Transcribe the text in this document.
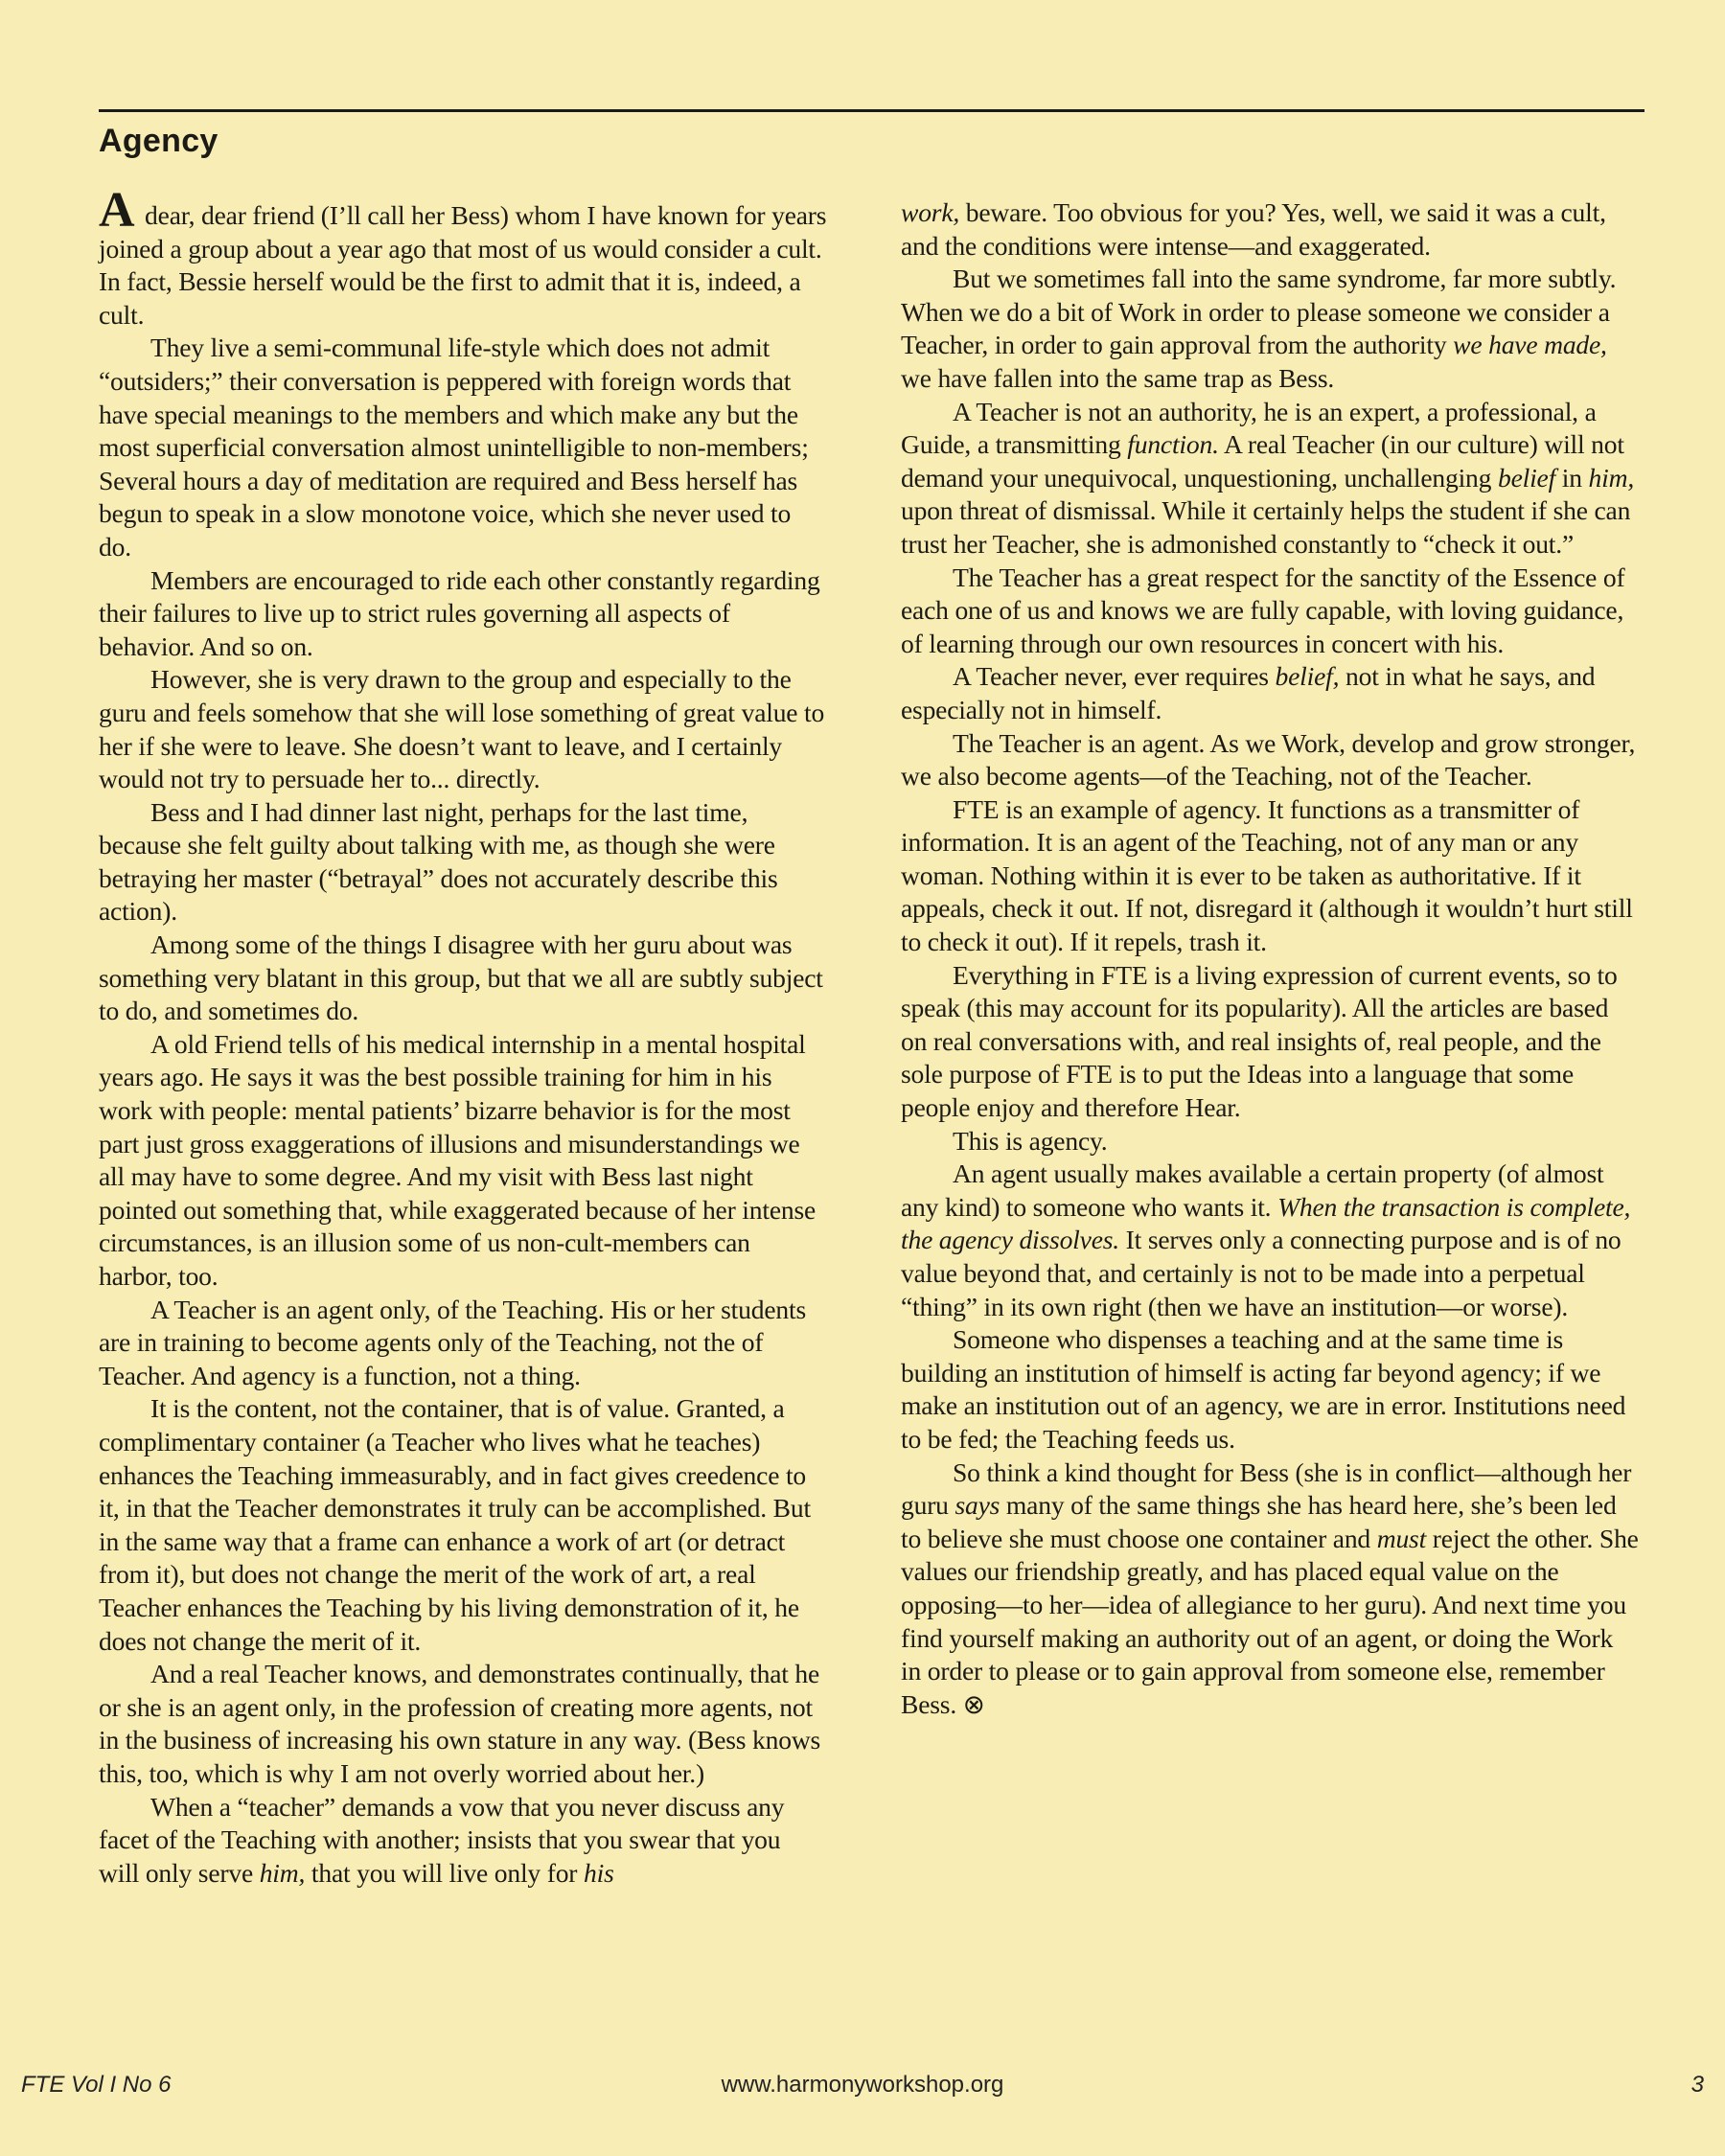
Agency

A dear, dear friend (I’ll call her Bess) whom I have known for years joined a group about a year ago that most of us would consider a cult. In fact, Bessie herself would be the first to admit that it is, indeed, a cult.

They live a semi-communal life-style which does not admit “outsiders;” their conversation is peppered with foreign words that have special meanings to the members and which make any but the most superficial conversation almost unintelligible to non-members; Several hours a day of meditation are required and Bess herself has begun to speak in a slow monotone voice, which she never used to do.

Members are encouraged to ride each other constantly regarding their failures to live up to strict rules governing all aspects of behavior. And so on.

However, she is very drawn to the group and especially to the guru and feels somehow that she will lose something of great value to her if she were to leave. She doesn’t want to leave, and I certainly would not try to persuade her to... directly.

Bess and I had dinner last night, perhaps for the last time, because she felt guilty about talking with me, as though she were betraying her master (“betrayal” does not accurately describe this action).

Among some of the things I disagree with her guru about was something very blatant in this group, but that we all are subtly subject to do, and sometimes do.

A old Friend tells of his medical internship in a mental hospital years ago. He says it was the best possible training for him in his work with people: mental patients’ bizarre behavior is for the most part just gross exaggerations of illusions and misunderstandings we all may have to some degree. And my visit with Bess last night pointed out something that, while exaggerated because of her intense circumstances, is an illusion some of us non-cult-members can harbor, too.

A Teacher is an agent only, of the Teaching. His or her students are in training to become agents only of the Teaching, not the of Teacher. And agency is a function, not a thing.

It is the content, not the container, that is of value. Granted, a complimentary container (a Teacher who lives what he teaches) enhances the Teaching immeasurably, and in fact gives creedence to it, in that the Teacher demonstrates it truly can be accomplished. But in the same way that a frame can enhance a work of art (or detract from it), but does not change the merit of the work of art, a real Teacher enhances the Teaching by his living demonstration of it, he does not change the merit of it.

And a real Teacher knows, and demonstrates continually, that he or she is an agent only, in the profession of creating more agents, not in the business of increasing his own stature in any way. (Bess knows this, too, which is why I am not overly worried about her.)

When a “teacher” demands a vow that you never discuss any facet of the Teaching with another; insists that you swear that you will only serve him, that you will live only for his

work, beware. Too obvious for you? Yes, well, we said it was a cult, and the conditions were intense—and exaggerated.

But we sometimes fall into the same syndrome, far more subtly. When we do a bit of Work in order to please someone we consider a Teacher, in order to gain approval from the authority we have made, we have fallen into the same trap as Bess.

A Teacher is not an authority, he is an expert, a professional, a Guide, a transmitting function. A real Teacher (in our culture) will not demand your unequivocal, unquestioning, unchallenging belief in him, upon threat of dismissal. While it certainly helps the student if she can trust her Teacher, she is admonished constantly to “check it out.”

The Teacher has a great respect for the sanctity of the Essence of each one of us and knows we are fully capable, with loving guidance, of learning through our own resources in concert with his.

A Teacher never, ever requires belief, not in what he says, and especially not in himself.

The Teacher is an agent. As we Work, develop and grow stronger, we also become agents—of the Teaching, not of the Teacher.

FTE is an example of agency. It functions as a transmitter of information. It is an agent of the Teaching, not of any man or any woman. Nothing within it is ever to be taken as authoritative. If it appeals, check it out. If not, disregard it (although it wouldn’t hurt still to check it out). If it repels, trash it.

Everything in FTE is a living expression of current events, so to speak (this may account for its popularity). All the articles are based on real conversations with, and real insights of, real people, and the sole purpose of FTE is to put the Ideas into a language that some people enjoy and therefore Hear.

This is agency.

An agent usually makes available a certain property (of almost any kind) to someone who wants it. When the transaction is complete, the agency dissolves. It serves only a connecting purpose and is of no value beyond that, and certainly is not to be made into a perpetual “thing” in its own right (then we have an institution—or worse).

Someone who dispenses a teaching and at the same time is building an institution of himself is acting far beyond agency; if we make an institution out of an agency, we are in error. Institutions need to be fed; the Teaching feeds us.

So think a kind thought for Bess (she is in conflict—although her guru says many of the same things she has heard here, she’s been led to believe she must choose one container and must reject the other. She values our friendship greatly, and has placed equal value on the opposing—to her—idea of allegiance to her guru). And next time you find yourself making an authority out of an agent, or doing the Work in order to please or to gain approval from someone else, remember Bess. ⊗

FTE Vol I No 6	www.harmonyworkshop.org	3
